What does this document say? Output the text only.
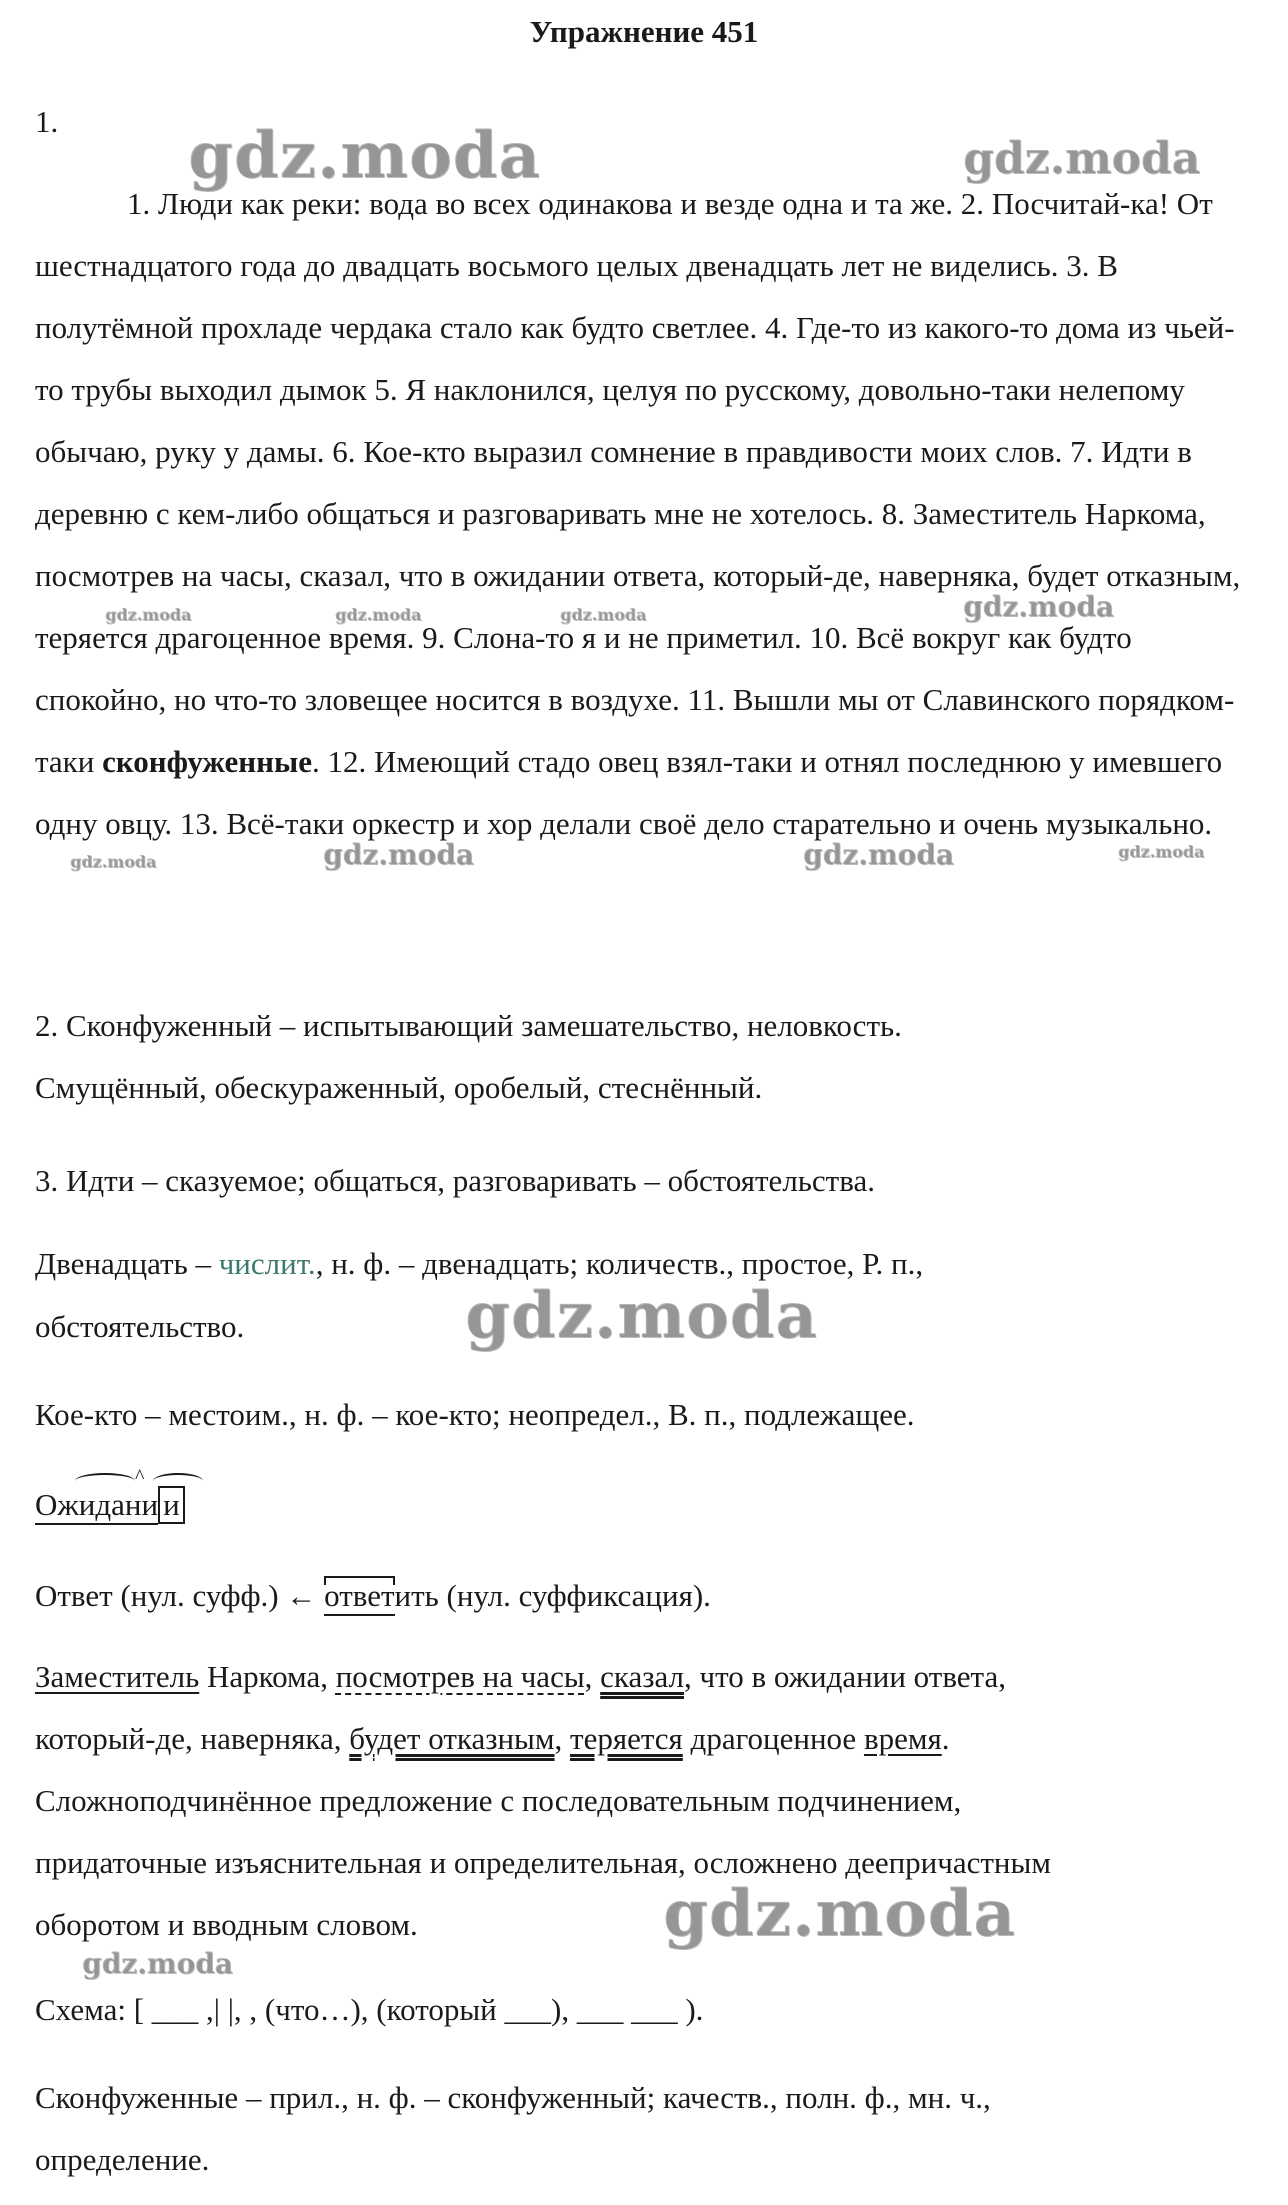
Упражнение 451
1.
1. Люди как реки: вода во всех одинакова и везде одна и та же. 2. Посчитай-ка! От шестнадцатого года до двадцать восьмого целых двенадцать лет не виделись. 3. В полутёмной прохладе чердака стало как будто светлее. 4. Где-то из какого-то дома из чьей-то трубы выходил дымок 5. Я наклонился, целуя по русскому, довольно-таки нелепому обычаю, руку у дамы. 6. Кое-кто выразил сомнение в правдивости моих слов. 7. Идти в деревню с кем-либо общаться и разговаривать мне не хотелось. 8. Заместитель Наркома, посмотрев на часы, сказал, что в ожидании ответа, который-де, наверняка, будет отказным, теряется драгоценное время. 9. Слона-то я и не приметил. 10. Всё вокруг как будто спокойно, но что-то зловещее носится в воздухе. 11. Вышли мы от Славинского порядком-таки сконфуженные. 12. Имеющий стадо овец взял-таки и отнял последнюю у имевшего одну овцу. 13. Всё-таки оркестр и хор делали своё дело старательно и очень музыкально.
2. Сконфуженный – испытывающий замешательство, неловкость.
Смущённый, обескураженный, оробелый, стеснённый.
3. Идти – сказуемое; общаться, разговаривать – обстоятельства.
Двенадцать – числит., н. ф. – двенадцать; количеств., простое, Р. п.,
обстоятельство.
Кое-кто – местоим., н. ф. – кое-кто; неопредел., В. п., подлежащее.
^
Ожидани и
Ответ (нул. суфф.) ← ответить (нул. суффиксация).
Заместитель Наркома, посмотрев на часы, сказал, что в ожидании ответа,
который-де, наверняка, будет отказным, теряется драгоценное время.
Сложноподчинённое предложение с последовательным подчинением,
придаточные изъяснительная и определительная, осложнено деепричастным
оборотом и вводным словом.
Схема: [ ___ ,| |, , (что…), (который ___), ___ ___ ).
Сконфуженные – прил., н. ф. – сконфуженный; качеств., полн. ф., мн. ч.,
определение.
gdz.moda	gdz.moda
gdz.moda	gdz.moda	gdz.moda	gdz.moda
gdz.moda	gdz.moda	gdz.moda	gdz.moda
gdz.moda
gdz.moda
gdz.moda
